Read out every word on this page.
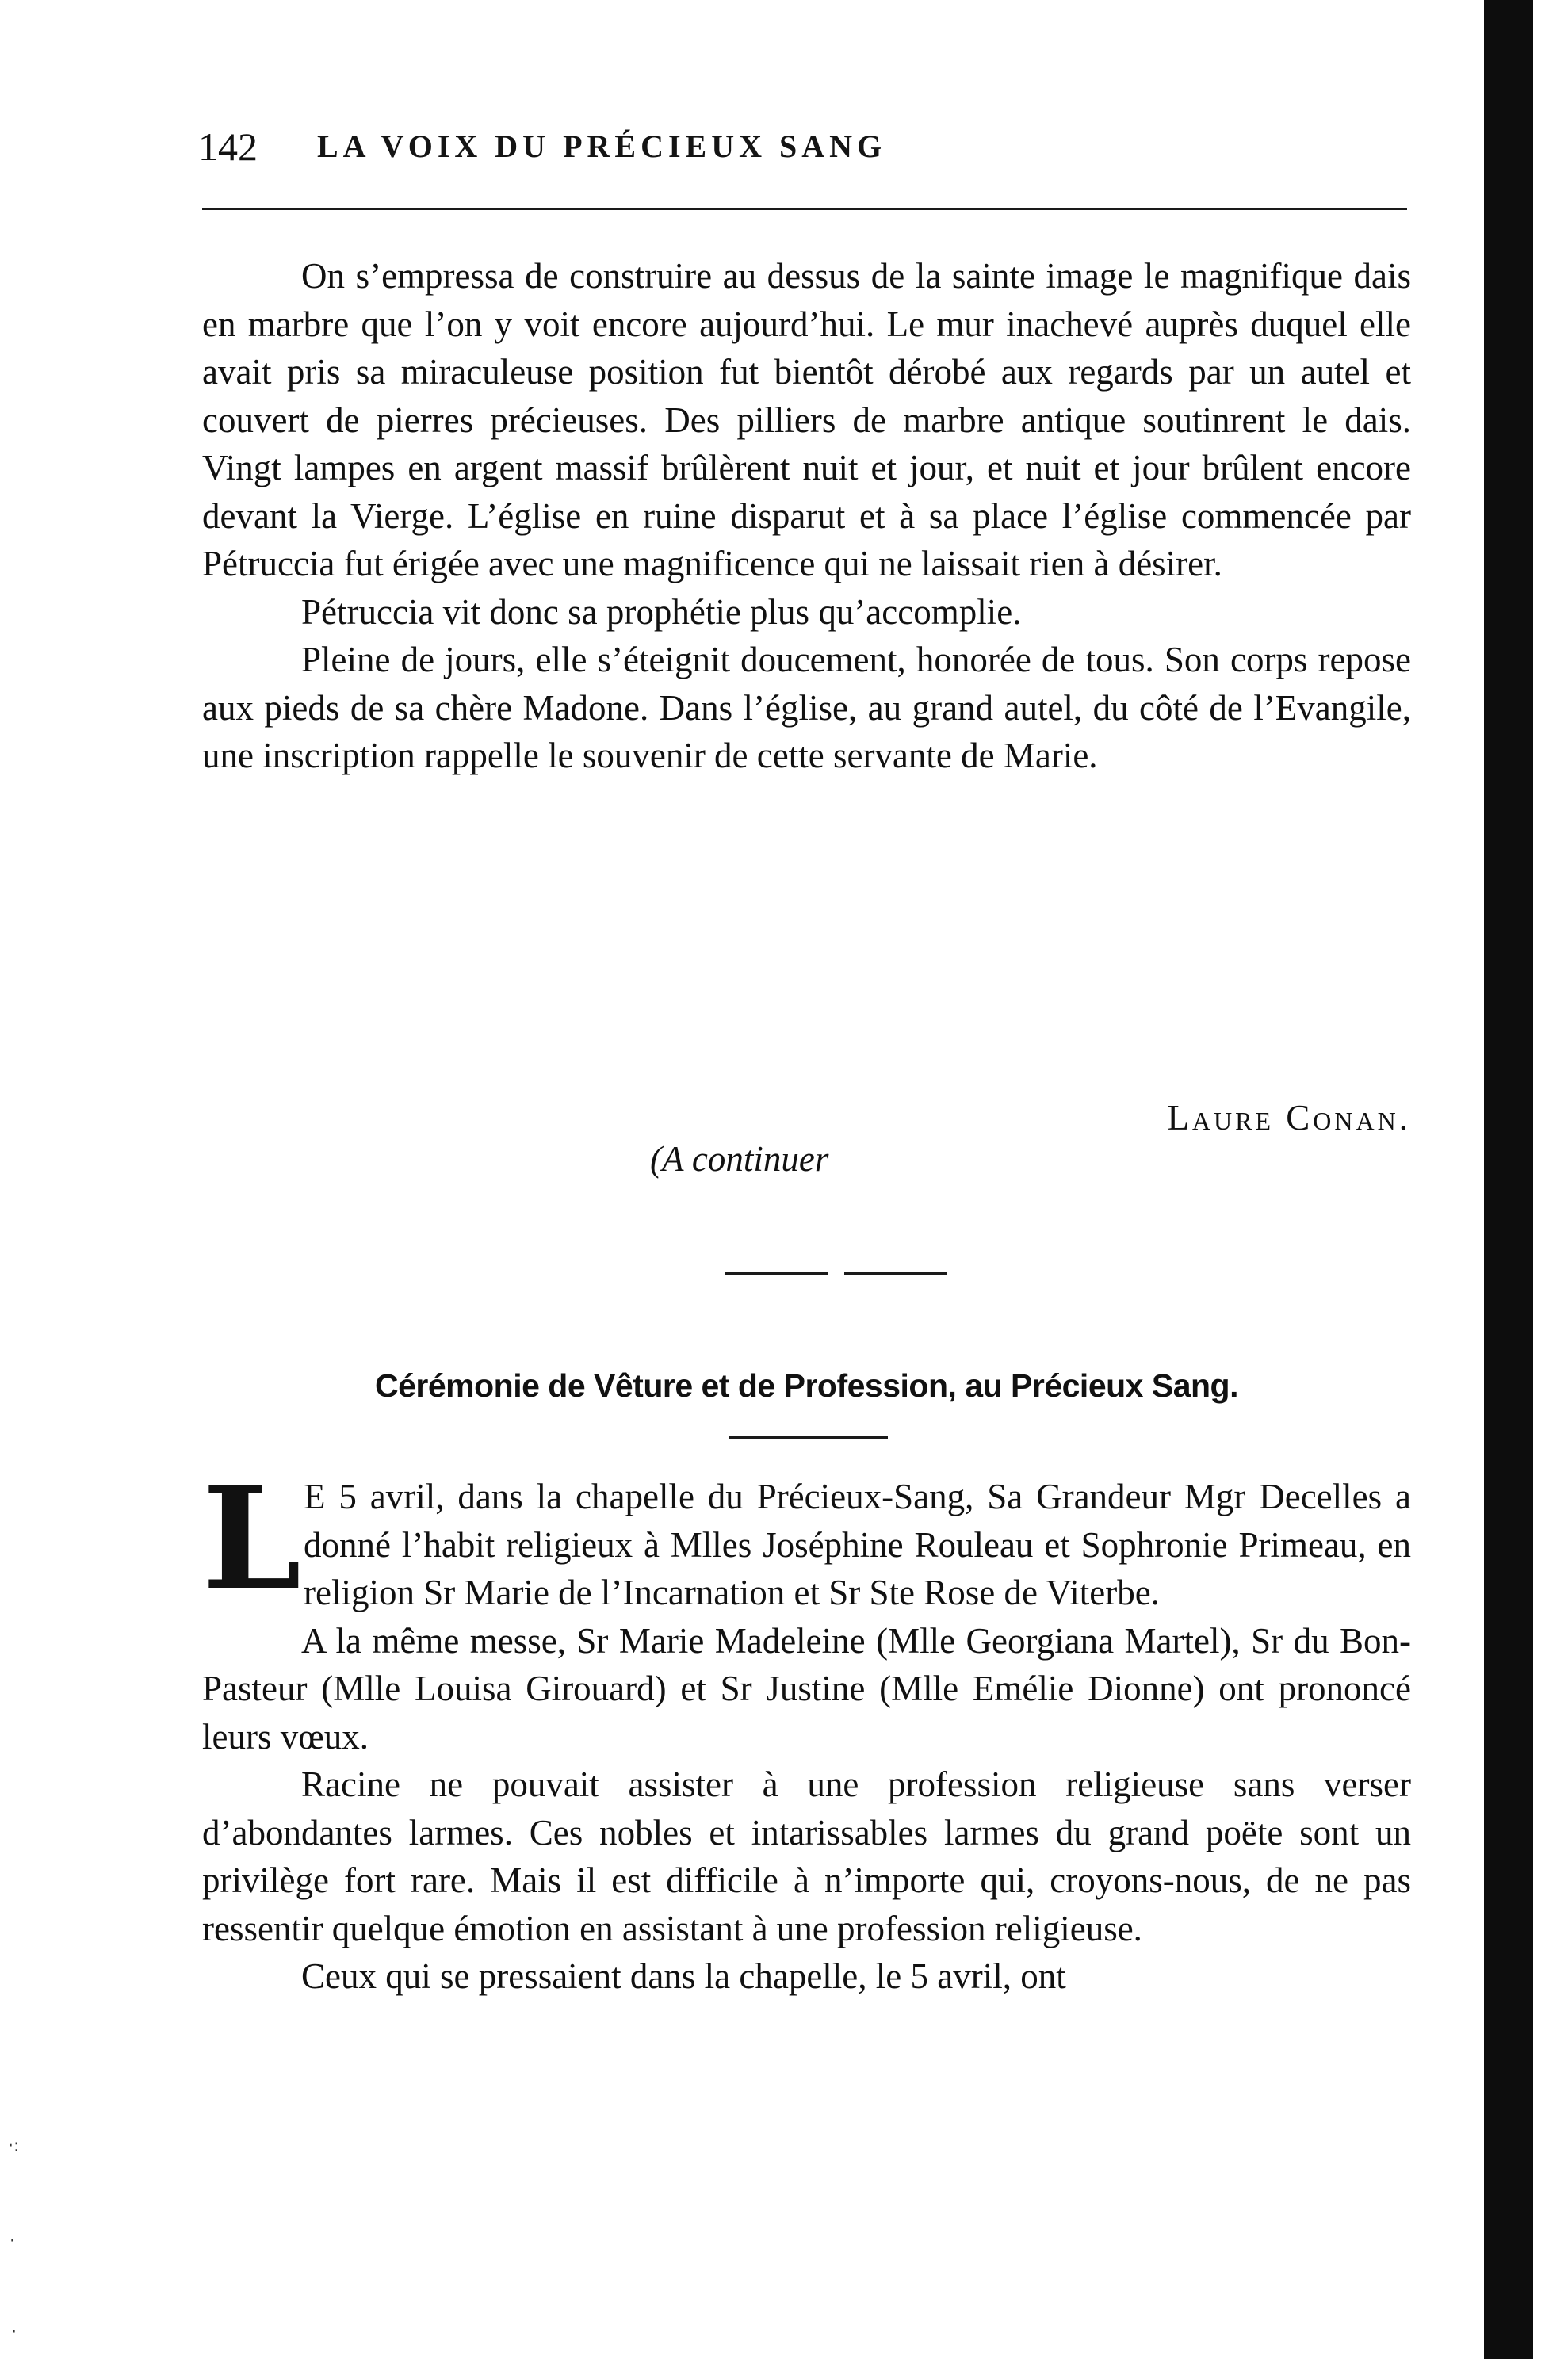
142 LA VOIX DU PRÉCIEUX SANG

On s’empressa de construire au dessus de la sainte image le magnifique dais en marbre que l’on y voit encore aujourd’hui. Le mur inachevé auprès duquel elle avait pris sa miraculeuse position fut bientôt dérobé aux regards par un autel et couvert de pierres précieuses. Des pilliers de marbre antique soutinrent le dais. Vingt lampes en argent massif brûlèrent nuit et jour, et nuit et jour brûlent encore devant la Vierge. L’église en ruine disparut et à sa place l’église commencée par Pétruccia fut érigée avec une magnificence qui ne laissait rien à désirer.

Pétruccia vit donc sa prophétie plus qu’accomplie.

Pleine de jours, elle s’éteignit doucement, honorée de tous. Son corps repose aux pieds de sa chère Madone. Dans l’église, au grand autel, du côté de l’Evangile, une inscription rappelle le souvenir de cette servante de Marie.

Laure Conan.
(A continuer
Cérémonie de Vêture et de Profession, au Précieux Sang.

L E 5 avril, dans la chapelle du Précieux-Sang, Sa Grandeur Mgr Decelles a donné l’habit religieux à Mlles Joséphine Rouleau et Sophronie Primeau, en religion Sr Marie de l’Incarnation et Sr Ste Rose de Viterbe.

A la même messe, Sr Marie Madeleine (Mlle Georgiana Martel), Sr du Bon-Pasteur (Mlle Louisa Girouard) et Sr Justine (Mlle Emélie Dionne) ont prononcé leurs vœux.

Racine ne pouvait assister à une profession religieuse sans verser d’abondantes larmes. Ces nobles et intarissables larmes du grand poëte sont un privilège fort rare. Mais il est difficile à n’importe qui, croyons-nous, de ne pas ressentir quelque émotion en assistant à une profession religieuse.

Ceux qui se pressaient dans la chapelle, le 5 avril, ont

·:
·
·
